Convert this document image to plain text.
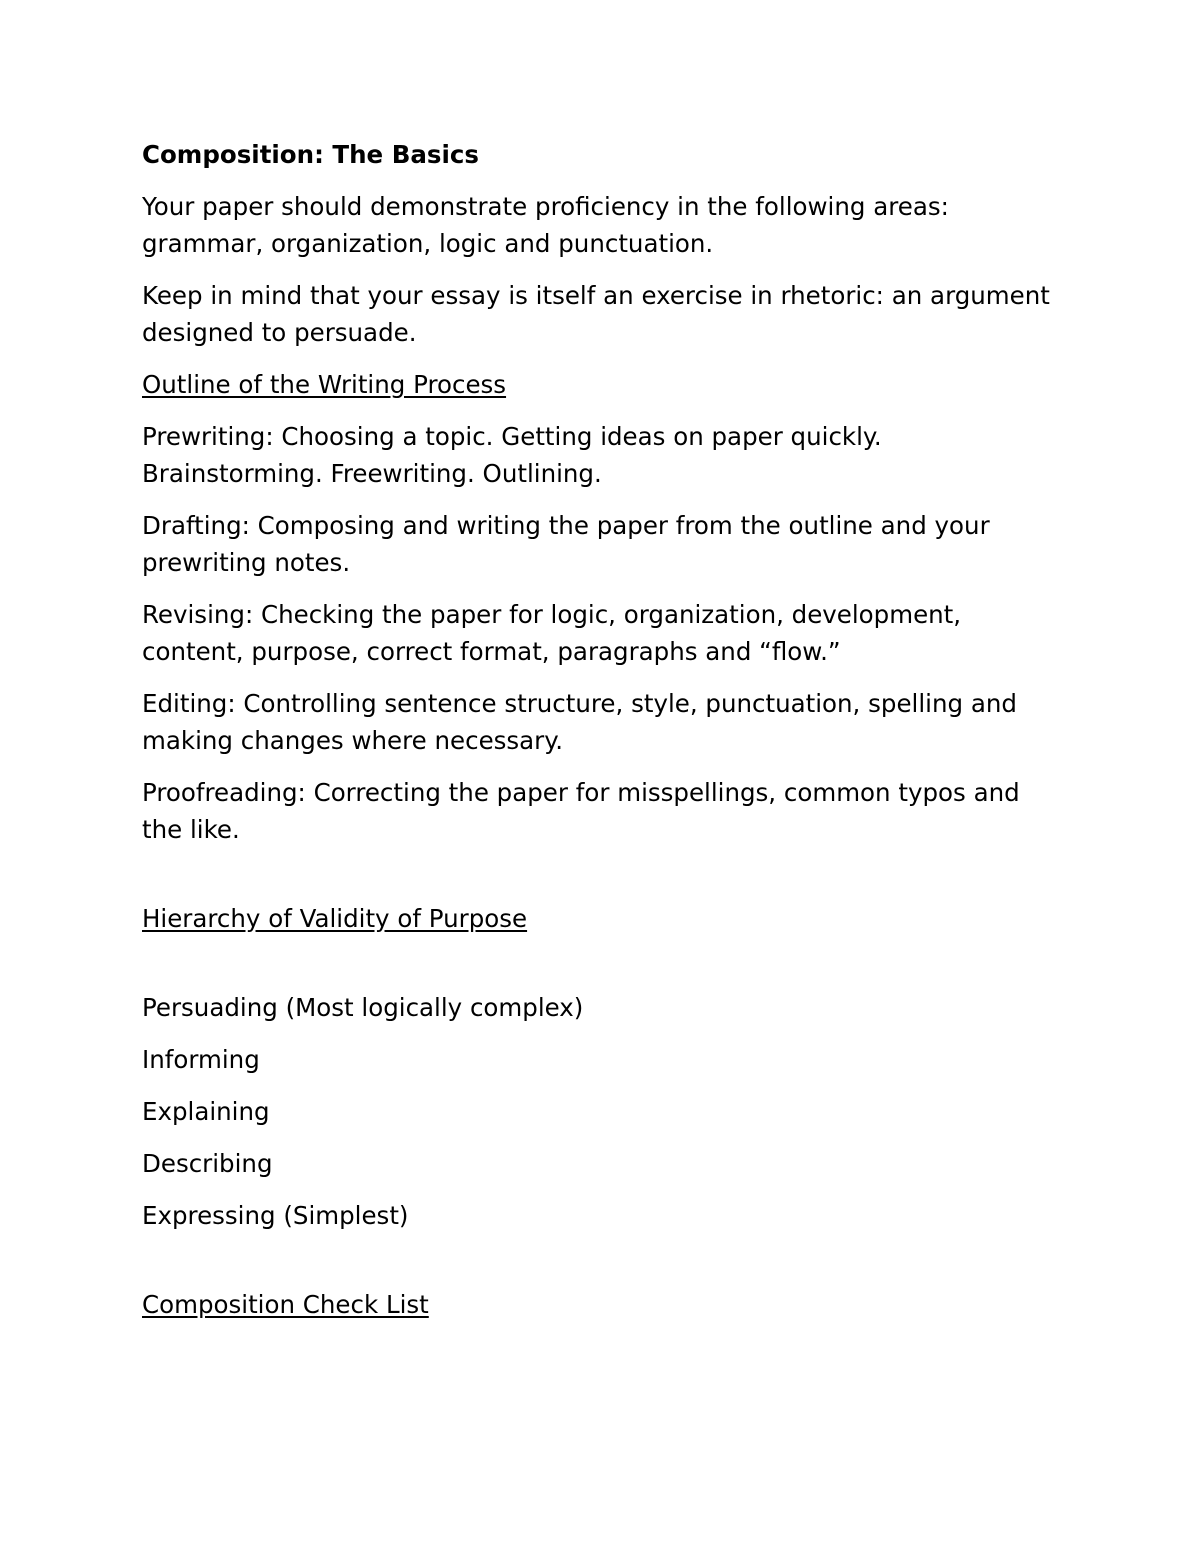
Composition: The Basics

Your paper should demonstrate proficiency in the following areas: grammar, organization, logic and punctuation.

Keep in mind that your essay is itself an exercise in rhetoric: an argument designed to persuade.

Outline of the Writing Process

Prewriting: Choosing a topic. Getting ideas on paper quickly. Brainstorming. Freewriting. Outlining.

Drafting: Composing and writing the paper from the outline and your prewriting notes.

Revising: Checking the paper for logic, organization, development, content, purpose, correct format, paragraphs and “flow.”

Editing: Controlling sentence structure, style, punctuation, spelling and making changes where necessary.

Proofreading: Correcting the paper for misspellings, common typos and the like.

Hierarchy of Validity of Purpose

Persuading (Most logically complex)

Informing

Explaining

Describing

Expressing (Simplest)

Composition Check List
